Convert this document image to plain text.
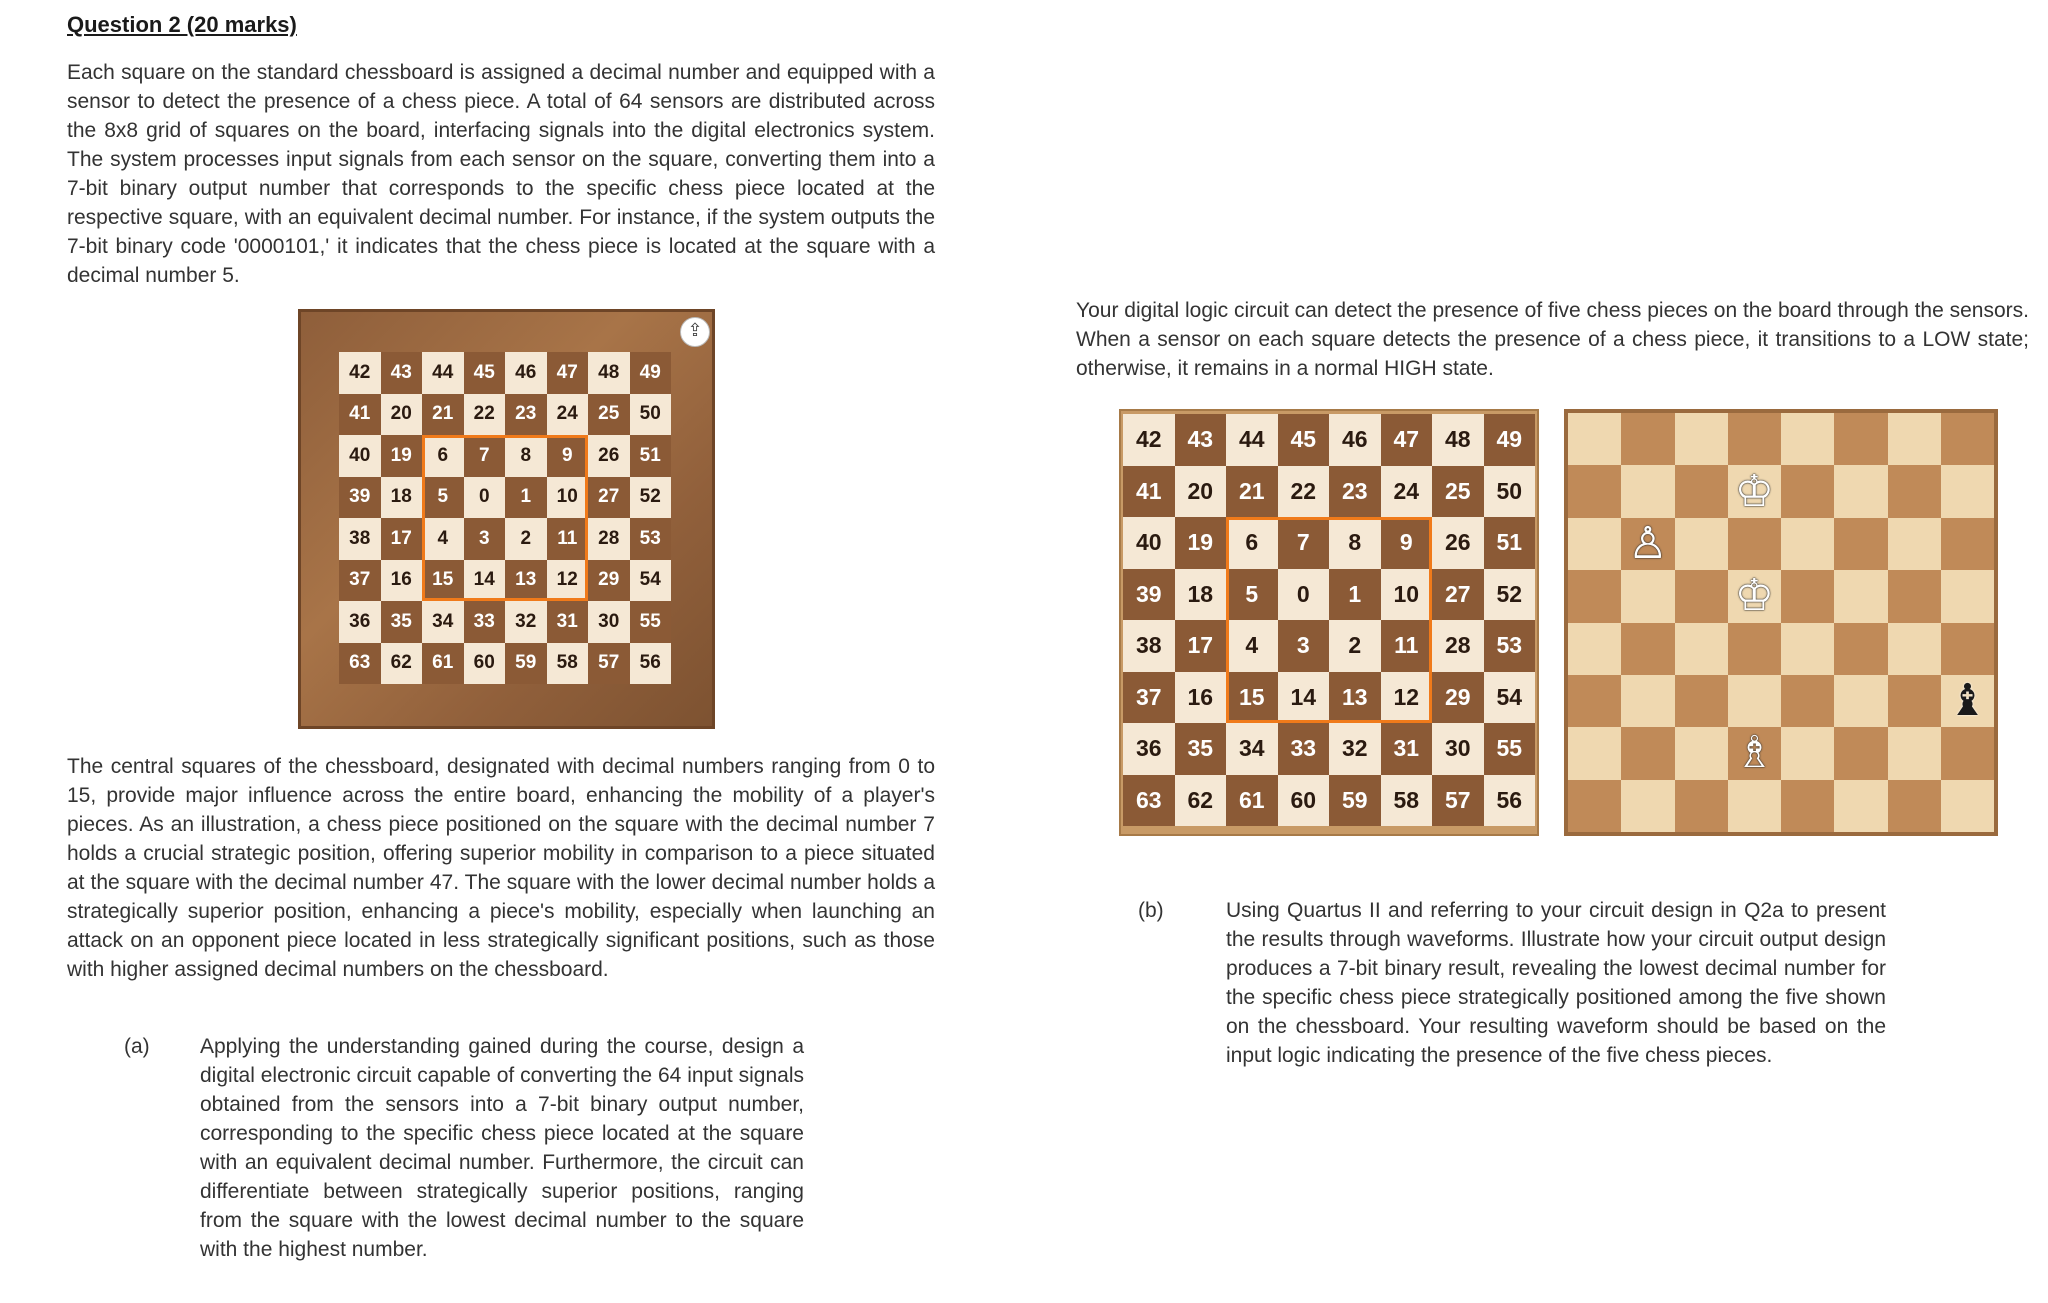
Question 2 (20 marks)

Each square on the standard chessboard is assigned a decimal number and equipped with a sensor to detect the presence of a chess piece. A total of 64 sensors are distributed across the 8x8 grid of squares on the board, interfacing signals into the digital electronics system. The system processes input signals from each sensor on the square, converting them into a 7-bit binary output number that corresponds to the specific chess piece located at the respective square, with an equivalent decimal number. For instance, if the system outputs the 7-bit binary code '0000101,' it indicates that the chess piece is located at the square with a decimal number 5.

⇪
42	43	44	45	46	47	48	49
41	20	21	22	23	24	25	50
40	19	6	7	8	9	26	51
39	18	5	0	1	10	27	52
38	17	4	3	2	11	28	53
37	16	15	14	13	12	29	54
36	35	34	33	32	31	30	55
63	62	61	60	59	58	57	56

The central squares of the chessboard, designated with decimal numbers ranging from 0 to 15, provide major influence across the entire board, enhancing the mobility of a player's pieces. As an illustration, a chess piece positioned on the square with the decimal number 7 holds a crucial strategic position, offering superior mobility in comparison to a piece situated at the square with the decimal number 47. The square with the lower decimal number holds a strategically superior position, enhancing a piece's mobility, especially when launching an attack on an opponent piece located in less strategically significant positions, such as those with higher assigned decimal numbers on the chessboard.

(a) Applying the understanding gained during the course, design a digital electronic circuit capable of converting the 64 input signals obtained from the sensors into a 7-bit binary output number, corresponding to the specific chess piece located at the square with an equivalent decimal number. Furthermore, the circuit can differentiate between strategically superior positions, ranging from the square with the lowest decimal number to the square with the highest number.

Your digital logic circuit can detect the presence of five chess pieces on the board through the sensors. When a sensor on each square detects the presence of a chess piece, it transitions to a LOW state; otherwise, it remains in a normal HIGH state.

42	43	44	45	46	47	48	49
41	20	21	22	23	24	25	50
40	19	6	7	8	9	26	51
39	18	5	0	1	10	27	52
38	17	4	3	2	11	28	53
37	16	15	14	13	12	29	54
36	35	34	33	32	31	30	55
63	62	61	60	59	58	57	56
♔
♙
♔
♝
♗
(b)	Using Quartus II and referring to your circuit design in Q2a to present the results through waveforms. Illustrate how your circuit output design produces a 7-bit binary result, revealing the lowest decimal number for the specific chess piece strategically positioned among the five shown on the chessboard. Your resulting waveform should be based on the input logic indicating the presence of the five chess pieces.
